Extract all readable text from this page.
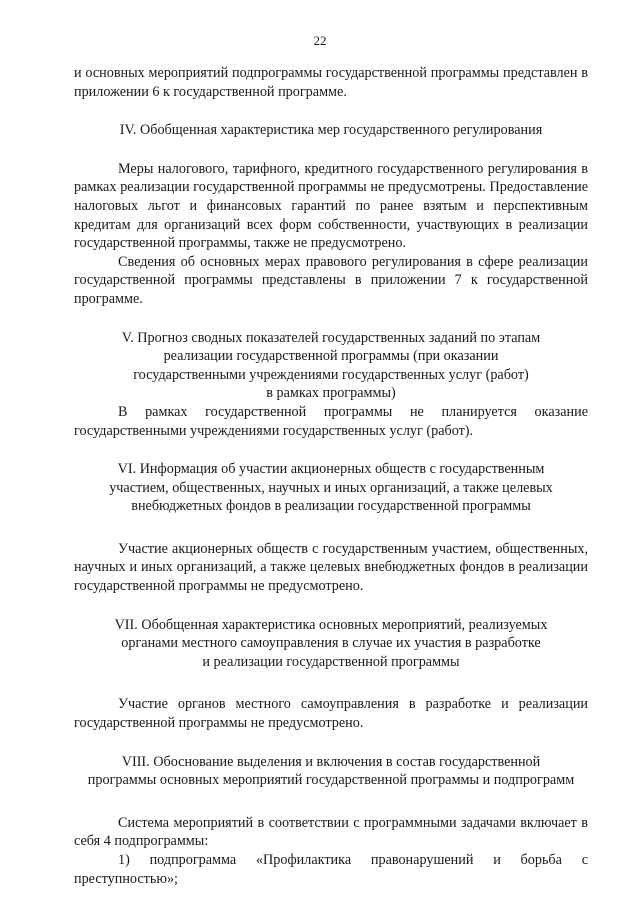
22

и основных мероприятий подпрограммы государственной программы представлен в приложении 6 к государственной программе.

IV. Обобщенная характеристика мер государственного регулирования

Меры налогового, тарифного, кредитного государственного регулирования в рамках реализации государственной программы не предусмотрены. Предоставление налоговых льгот и финансовых гарантий по ранее взятым и перспективным кредитам для организаций всех форм собственности, участвующих в реализации государственной программы, также не предусмотрено.

Сведения об основных мерах правового регулирования в сфере реализации государственной программы представлены в приложении 7 к государственной программе.

V. Прогноз сводных показателей государственных заданий по этапам
реализации государственной программы (при оказании
государственными учреждениями государственных услуг (работ)
в рамках программы)

В рамках государственной программы не планируется оказание государственными учреждениями государственных услуг (работ).

VI. Информация об участии акционерных обществ с государственным
участием, общественных, научных и иных организаций, а также целевых
внебюджетных фондов в реализации государственной программы

Участие акционерных обществ с государственным участием, общественных, научных и иных организаций, а также целевых внебюджетных фондов в реализации государственной программы не предусмотрено.

VII. Обобщенная характеристика основных мероприятий, реализуемых
органами местного самоуправления в случае их участия в разработке
и реализации государственной программы

Участие органов местного самоуправления в разработке и реализации государственной программы не предусмотрено.

VIII. Обоснование выделения и включения в состав государственной
программы основных мероприятий государственной программы и подпрограмм

Система мероприятий в соответствии с программными задачами включает в себя 4 подпрограммы:

1) подпрограмма «Профилактика правонарушений и борьба с преступностью»;
